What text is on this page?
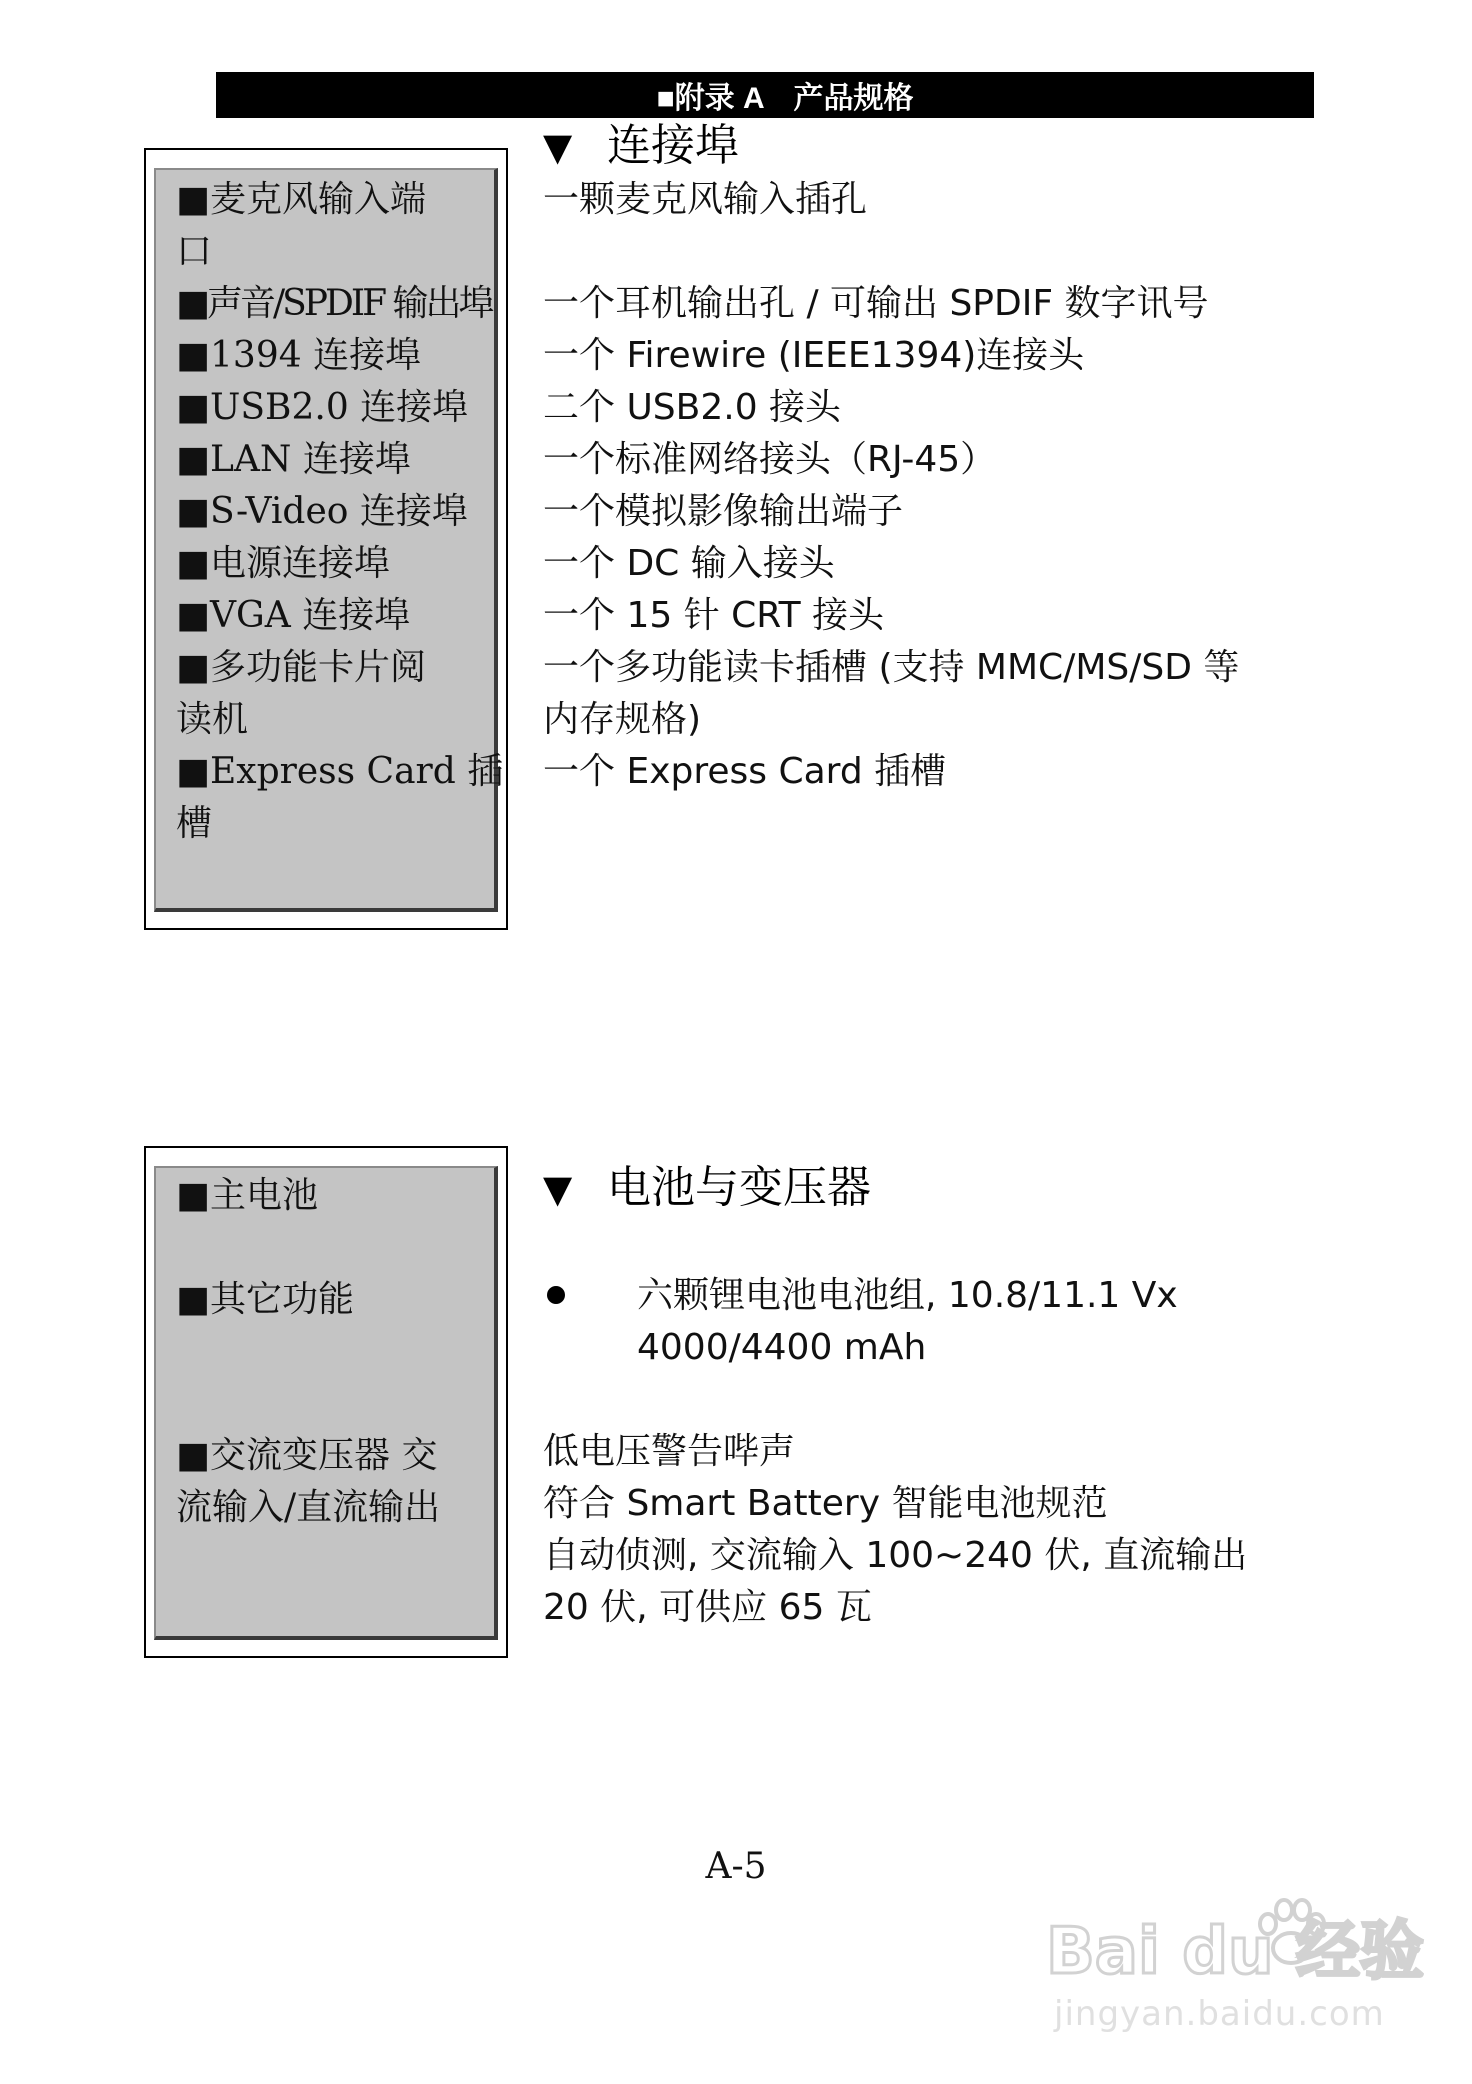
■附录 A　产品规格
▼ 连接埠
■麦克风输入端
口
■声音/SPDIF 输出埠
■1394 连接埠
■USB2.0 连接埠
■LAN 连接埠
■S-Video 连接埠
■电源连接埠
■VGA 连接埠
■多功能卡片阅
读机
■Express Card 插
槽
一颗麦克风输入插孔
一个耳机输出孔 / 可输出 SPDIF 数字讯号
一个 Firewire (IEEE1394)连接头
二个 USB2.0 接头
一个标准网络接头（RJ-45）
一个模拟影像输出端子
一个 DC 输入接头
一个 15 针 CRT 接头
一个多功能读卡插槽 (支持 MMC/MS/SD 等
内存规格)
一个 Express Card 插槽
▼ 电池与变压器
■主电池
■其它功能
■交流变压器 交
流输入/直流输出
六颗锂电池电池组, 10.8/11.1 Vx
4000/4400 mAh
低电压警告哔声
符合 Smart Battery 智能电池规范
自动侦测, 交流输入 100~240 伏, 直流输出
20 伏, 可供应 65 瓦
A-5
Bai du 经验
jingyan.baidu.com
